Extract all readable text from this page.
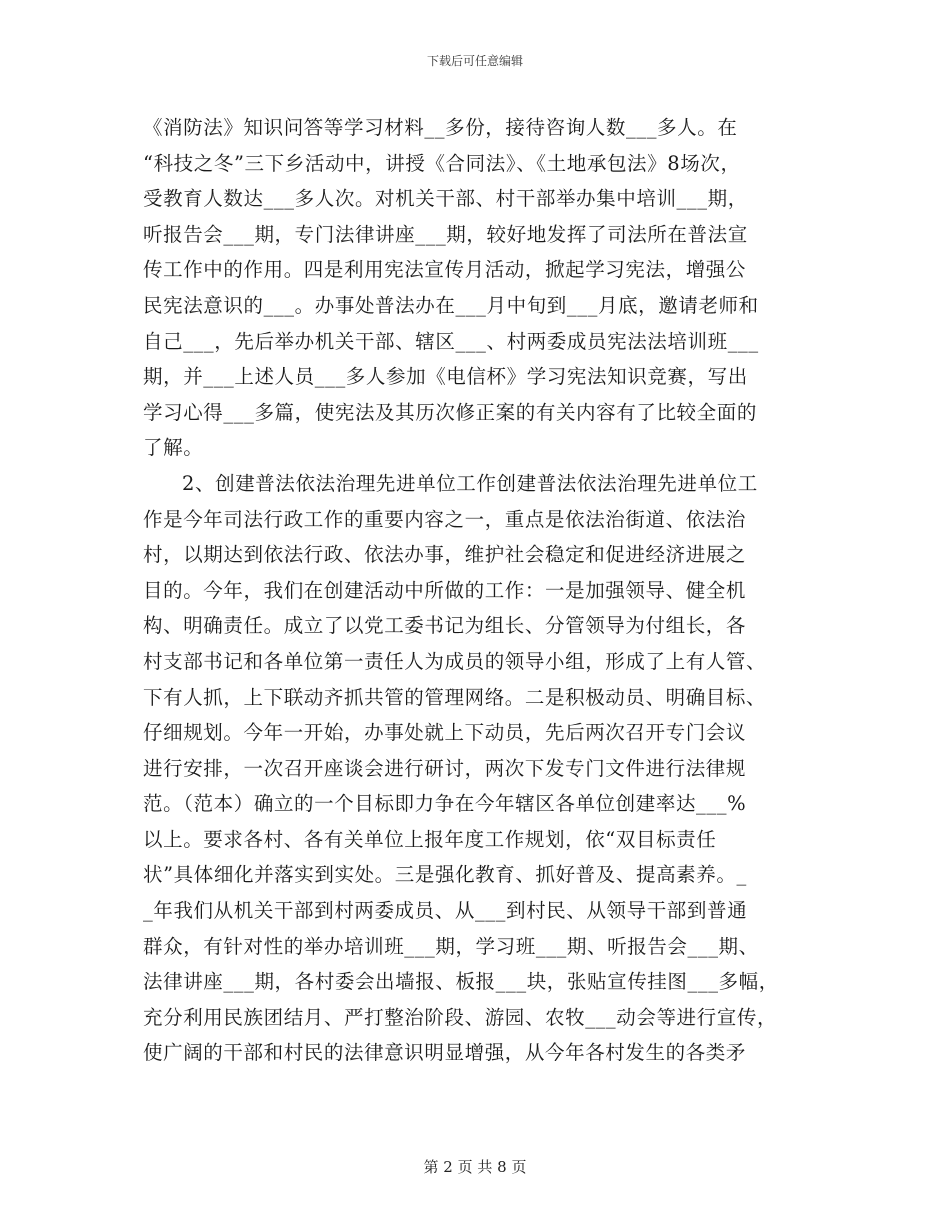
下载后可任意编辑
《消防法》知识问答等学习材料__多份，接待咨询人数___多人。在
“科技之冬”三下乡活动中，讲授《合同法》、《土地承包法》8场次，
受教育人数达___多人次。对机关干部、村干部举办集中培训___期，
听报告会___期，专门法律讲座___期，较好地发挥了司法所在普法宣
传工作中的作用。四是利用宪法宣传月活动，掀起学习宪法，增强公
民宪法意识的___。办事处普法办在___月中旬到___月底，邀请老师和
自己___，先后举办机关干部、辖区___、村两委成员宪法法培训班___
期，并___上述人员___多人参加《电信杯》学习宪法知识竞赛，写出
学习心得___多篇，使宪法及其历次修正案的有关内容有了比较全面的
了解。
2、创建普法依法治理先进单位工作创建普法依法治理先进单位工
作是今年司法行政工作的重要内容之一，重点是依法治街道、依法治
村，以期达到依法行政、依法办事，维护社会稳定和促进经济进展之
目的。今年，我们在创建活动中所做的工作：一是加强领导、健全机
构、明确责任。成立了以党工委书记为组长、分管领导为付组长，各
村支部书记和各单位第一责任人为成员的领导小组，形成了上有人管、
下有人抓，上下联动齐抓共管的管理网络。二是积极动员、明确目标、
仔细规划。今年一开始，办事处就上下动员，先后两次召开专门会议
进行安排，一次召开座谈会进行研讨，两次下发专门文件进行法律规
范。（范本）确立的一个目标即力争在今年辖区各单位创建率达___%
以上。要求各村、各有关单位上报年度工作规划，依“双目标责任
状”具体细化并落实到实处。三是强化教育、抓好普及、提高素养。_
_年我们从机关干部到村两委成员、从___到村民、从领导干部到普通
群众，有针对性的举办培训班___期，学习班___期、听报告会___期、
法律讲座___期，各村委会出墙报、板报___块，张贴宣传挂图___多幅，
充分利用民族团结月、严打整治阶段、游园、农牧___动会等进行宣传，
使广阔的干部和村民的法律意识明显增强，从今年各村发生的各类矛
第 2 页 共 8 页
